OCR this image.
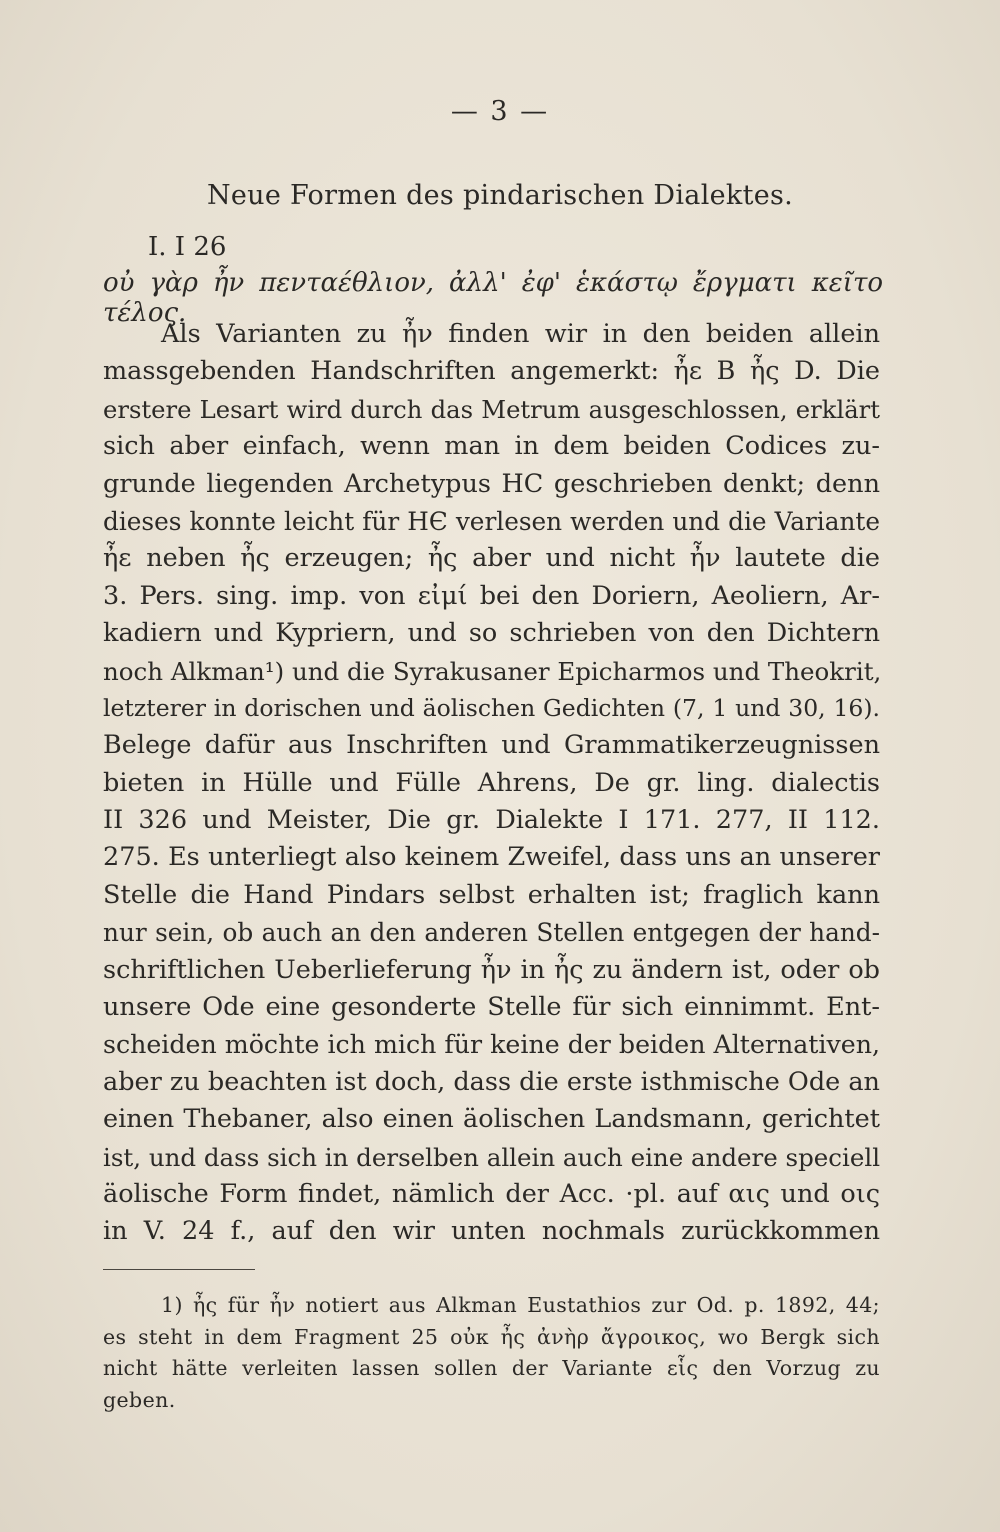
— 3 —
Neue Formen des pindarischen Dialektes.
I. I 26
οὐ γὰρ ἦν πενταέθλιον, ἀλλ' ἐφ' ἑκάστῳ ἔργματι κεῖτο τέλος.
Als Varianten zu ἦν finden wir in den beiden allein
massgebenden Handschriften angemerkt: ἦε B ἦς D. Die
erstere Lesart wird durch das Metrum ausgeschlossen, erklärt
sich aber einfach, wenn man in dem beiden Codices zu-
grunde liegenden Archetypus HC geschrieben denkt; denn
dieses konnte leicht für HЄ verlesen werden und die Variante
ἦε neben ἦς erzeugen; ἦς aber und nicht ἦν lautete die
3. Pers. sing. imp. von εἰμί bei den Doriern, Aeoliern, Ar-
kadiern und Kypriern, und so schrieben von den Dichtern
noch Alkman¹) und die Syrakusaner Epicharmos und Theokrit,
letzterer in dorischen und äolischen Gedichten (7, 1 und 30, 16).
Belege dafür aus Inschriften und Grammatikerzeugnissen
bieten in Hülle und Fülle Ahrens, De gr. ling. dialectis
II 326 und Meister, Die gr. Dialekte I 171. 277, II 112.
275. Es unterliegt also keinem Zweifel, dass uns an unserer
Stelle die Hand Pindars selbst erhalten ist; fraglich kann
nur sein, ob auch an den anderen Stellen entgegen der hand-
schriftlichen Ueberlieferung ἦν in ἦς zu ändern ist, oder ob
unsere Ode eine gesonderte Stelle für sich einnimmt. Ent-
scheiden möchte ich mich für keine der beiden Alternativen,
aber zu beachten ist doch, dass die erste isthmische Ode an
einen Thebaner, also einen äolischen Landsmann, gerichtet
ist, und dass sich in derselben allein auch eine andere speciell
äolische Form findet, nämlich der Acc. ·pl. auf αις und οις
in V. 24 f., auf den wir unten nochmals zurückkommen
1) ἦς für ἦν notiert aus Alkman Eustathios zur Od. p. 1892, 44;
es steht in dem Fragment 25 οὐκ ἦς ἀνὴρ ἄγροικος, wo Bergk sich
nicht hätte verleiten lassen sollen der Variante εἷς den Vorzug zu
geben.
